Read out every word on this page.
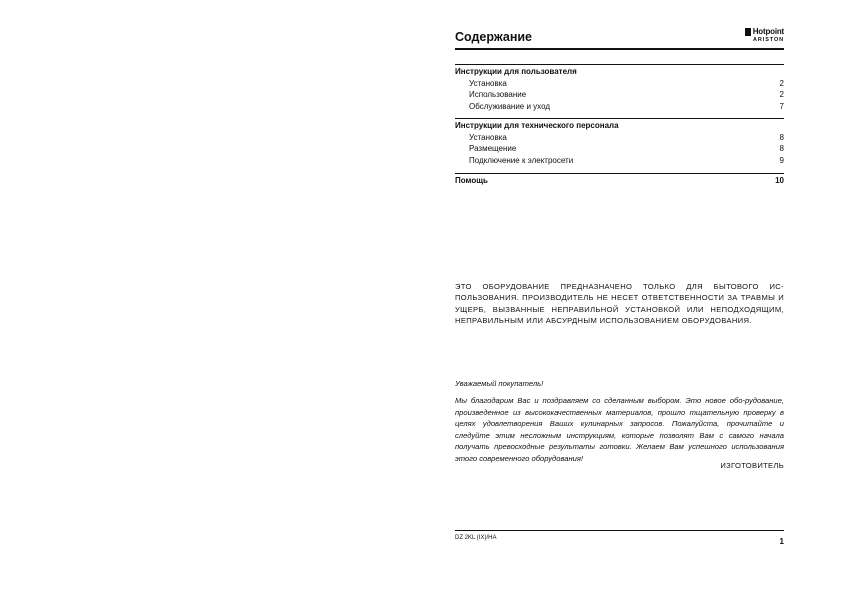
Содержание	Hotpoint
ARISTON
Инструкции для пользователя
Установка	2
Использование	2
Обслуживание и уход	7
Инструкции для технического персонала
Установка	8
Размещение	8
Подключение к электросети	9
Помощь	10
ЭТО ОБОРУДОВАНИЕ ПРЕДНАЗНАЧЕНО ТОЛЬКО ДЛЯ БЫТОВОГО ИС-ПОЛЬЗОВАНИЯ. ПРОИЗВОДИТЕЛЬ НЕ НЕСЕТ ОТВЕТСТВЕННОСТИ ЗА ТРАВМЫ И УЩЕРБ, ВЫЗВАННЫЕ НЕПРАВИЛЬНОЙ УСТАНОВКОЙ ИЛИ НЕПОДХОДЯЩИМ, НЕПРАВИЛЬНЫМ ИЛИ АБСУРДНЫМ ИСПОЛЬЗОВАНИЕМ ОБОРУДОВАНИЯ.
Уважаемый покупатель!
Мы благодарим Вас и поздравляем со сделанным выбором. Это новое обо-рудование, произведенное из высококачественных материалов, прошло тщательную проверку в целях удовлетворения Ваших кулинарных запросов. Пожалуйста, прочитайте и следуйте этим несложным инструкциям, которые позволят Вам с самого начала получать превосходные результаты готовки. Желаем Вам успешного использования этого современного оборудования!
ИЗГОТОВИТЕЛЬ
DZ 2KL (IX)/HA	1
